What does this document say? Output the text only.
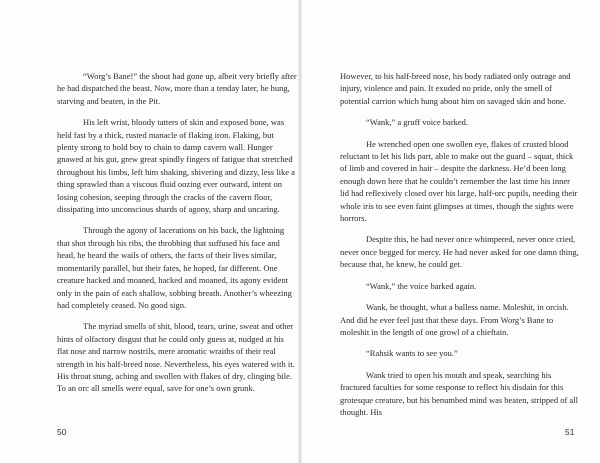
“Worg’s Bane!” the shout had gone up, albeit very briefly after he had dispatched the beast. Now, more than a tenday later, he hung, starving and beaten, in the Pit.

His left wrist, bloody tatters of skin and exposed bone, was held fast by a thick, rusted manacle of flaking iron. Flaking, but plenty strong to hold boy to chain to damp cavern wall. Hunger gnawed at his gut, grew great spindly fingers of fatigue that stretched throughout his limbs, left him shaking, shivering and dizzy, less like a thing sprawled than a viscous fluid oozing ever outward, intent on losing cohesion, seeping through the cracks of the cavern floor, dissipating into unconscious shards of agony, sharp and uncaring.

Through the agony of lacerations on his back, the lightning that shot through his ribs, the throbbing that suffused his face and head, he heard the wails of others, the facts of their lives similar, momentarily parallel, but their fates, he hoped, far different. One creature hacked and moaned, hacked and moaned, its agony evident only in the pain of each shallow, sobbing breath. Another’s wheezing had completely ceased. No good sign.

The myriad smells of shit, blood, tears, urine, sweat and other hints of olfactory disgust that he could only guess at, nudged at his flat nose and narrow nostrils, mere aromatic wraiths of their real strength in his half-breed nose. Nevertheless, his eyes watered with it. His throat stung, aching and swollen with flakes of dry, clinging bile. To an orc all smells were equal, save for one’s own grunk.

However, to his half-breed nose, his body radiated only outrage and injury, violence and pain. It exuded no pride, only the smell of potential carrion which hung about him on savaged skin and bone.

“Wank,” a gruff voice barked.

He wrenched open one swollen eye, flakes of crusted blood reluctant to let his lids part, able to make out the guard – squat, thick of limb and covered in hair – despite the darkness. He’d been long enough down here that he couldn’t remember the last time his inner lid had reflexively closed over his large, half-orc pupils, needing their whole iris to see even faint glimpses at times, though the sights were horrors.

Despite this, he had never once whimpered, never once cried, never once begged for mercy. He had never asked for one damn thing, because that, he knew, he could get.

“Wank,” the voice barked again.

Wank, he thought, what a balless name. Moleshit, in orcish. And did he ever feel just that these days. From Worg’s Bane to moleshit in the length of one growl of a chieftain.

“Rahsik wants to see you.”

Wank tried to open his mouth and speak, searching his fractured faculties for some response to reflect his disdain for this grotesque creature, but his benumbed mind was beaten, stripped of all thought. His

50	51
